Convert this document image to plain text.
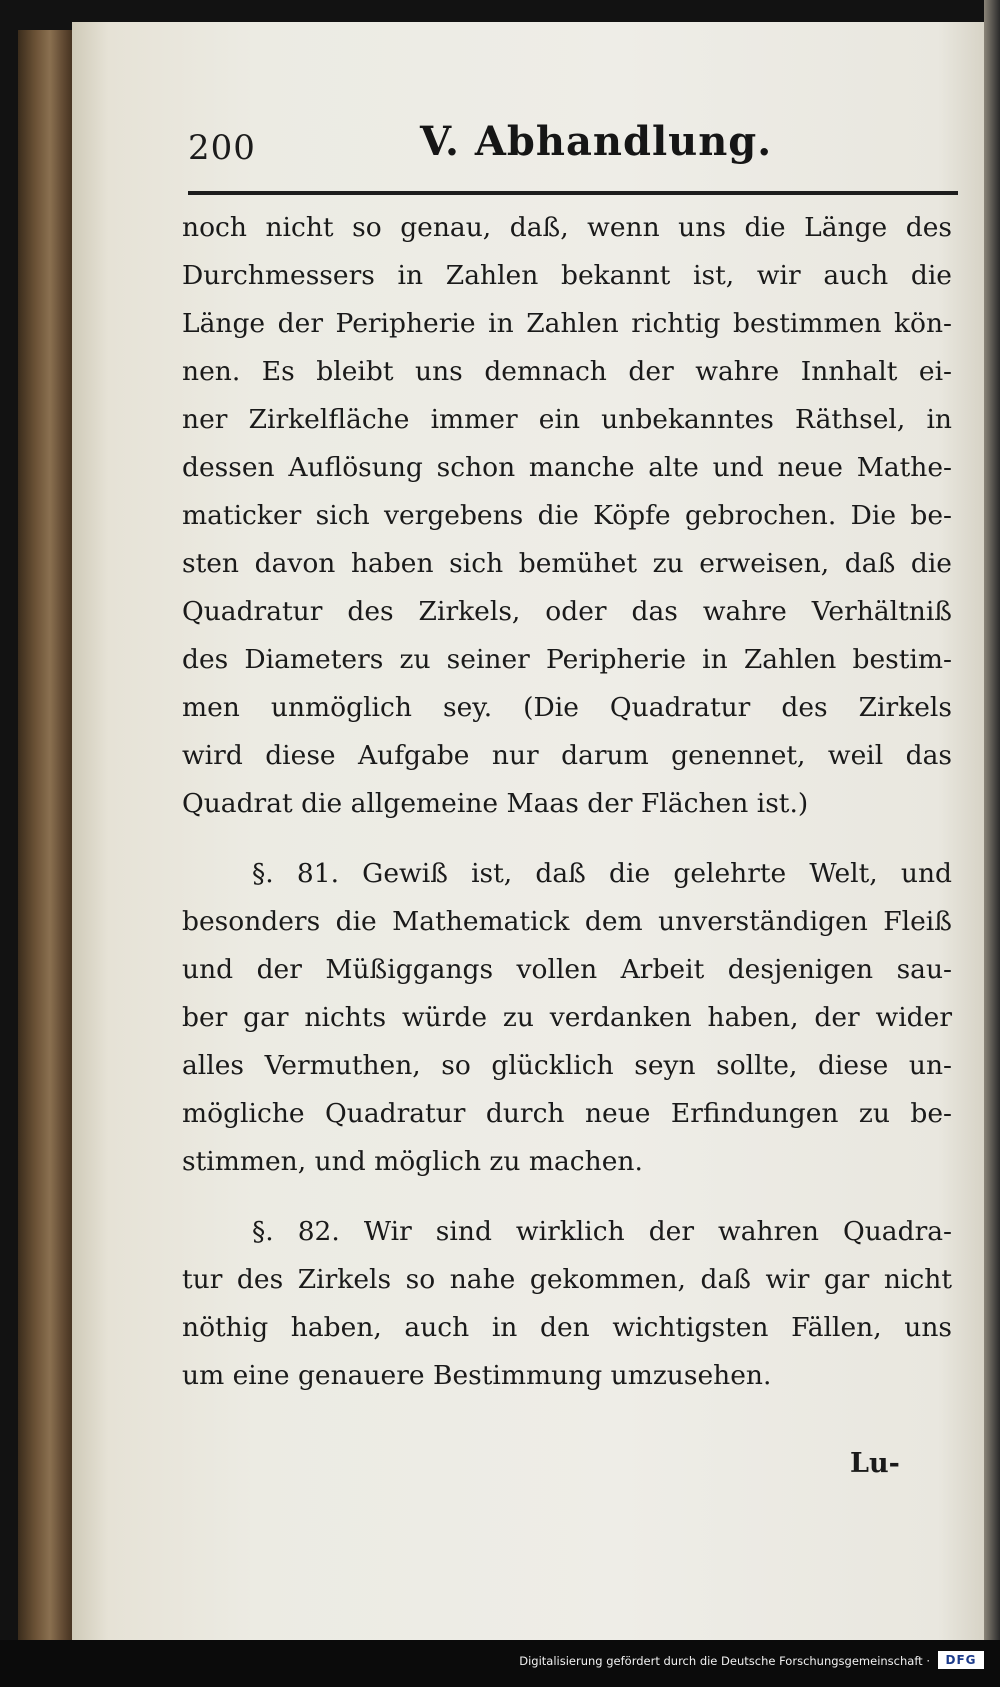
200	V. Abhandlung.
noch nicht so genau, daß, wenn uns die Länge des
Durchmessers in Zahlen bekannt ist, wir auch die
Länge der Peripherie in Zahlen richtig bestimmen kön-
nen. Es bleibt uns demnach der wahre Innhalt ei-
ner Zirkelfläche immer ein unbekanntes Räthsel, in
dessen Auflösung schon manche alte und neue Mathe-
maticker sich vergebens die Köpfe gebrochen. Die be-
sten davon haben sich bemühet zu erweisen, daß die
Quadratur des Zirkels, oder das wahre Verhältniß
des Diameters zu seiner Peripherie in Zahlen bestim-
men unmöglich sey. (Die Quadratur des Zirkels
wird diese Aufgabe nur darum genennet, weil das
Quadrat die allgemeine Maas der Flächen ist.)
§. 81. Gewiß ist, daß die gelehrte Welt, und
besonders die Mathematick dem unverständigen Fleiß
und der Müßiggangs vollen Arbeit desjenigen sau-
ber gar nichts würde zu verdanken haben, der wider
alles Vermuthen, so glücklich seyn sollte, diese un-
mögliche Quadratur durch neue Erfindungen zu be-
stimmen, und möglich zu machen.
§. 82. Wir sind wirklich der wahren Quadra-
tur des Zirkels so nahe gekommen, daß wir gar nicht
nöthig haben, auch in den wichtigsten Fällen, uns
um eine genauere Bestimmung umzusehen.
Lu-
Digitalisierung gefördert durch die Deutsche Forschungsgemeinschaft ·	DFG
